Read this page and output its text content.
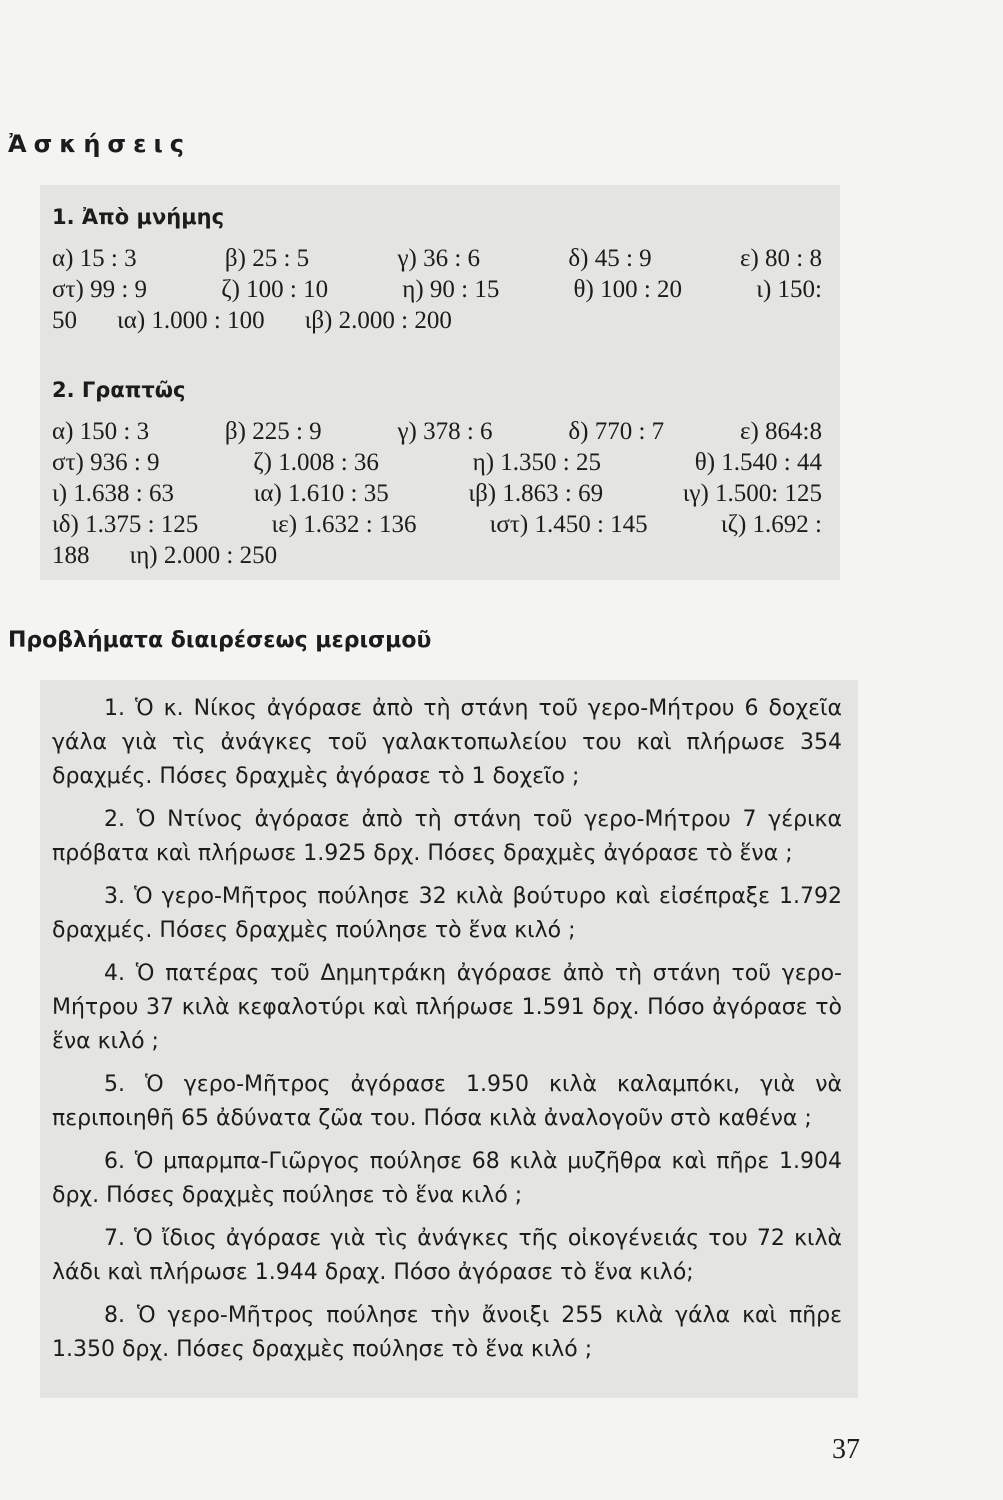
Ἀσκήσεις
1. Ἀπὸ μνήμης
α) 15 : 3	β) 25 : 5	γ) 36 : 6	δ) 45 : 9	ε) 80 : 8
στ) 99 : 9	ζ) 100 : 10	η) 90 : 15	θ) 100 : 20	ι) 150:
50 ια) 1.000 : 100 ιβ) 2.000 : 200
2. Γραπτῶς
α) 150 : 3	β) 225 : 9	γ) 378 : 6	δ) 770 : 7	ε) 864:8
στ) 936 : 9	ζ) 1.008 : 36	η) 1.350 : 25	θ) 1.540 : 44
ι) 1.638 : 63	ια) 1.610 : 35	ιβ) 1.863 : 69	ιγ) 1.500: 125
ιδ) 1.375 : 125	ιε) 1.632 : 136	ιστ) 1.450 : 145	ιζ) 1.692 :
188 ιη) 2.000 : 250
Προβλήματα διαιρέσεως μερισμοῦ
1. Ὁ κ. Νίκος ἀγόρασε ἀπὸ τὴ στάνη τοῦ γερο-Μήτρου 6 δοχεῖα γάλα γιὰ τὶς ἀνάγκες τοῦ γαλακτοπωλείου του καὶ πλήρωσε 354 δραχμές. Πόσες δραχμὲς ἀγόρασε τὸ 1 δοχεῖο ;
2. Ὁ Ντίνος ἀγόρασε ἀπὸ τὴ στάνη τοῦ γερο-Μήτρου 7 γέρικα πρόβατα καὶ πλήρωσε 1.925 δρχ. Πόσες δραχμὲς ἀγόρασε τὸ ἕνα ;
3. Ὁ γερο-Μῆτρος πούλησε 32 κιλὰ βούτυρο καὶ εἰσέπραξε 1.792 δραχμές. Πόσες δραχμὲς πούλησε τὸ ἕνα κιλό ;
4. Ὁ πατέρας τοῦ Δημητράκη ἀγόρασε ἀπὸ τὴ στάνη τοῦ γερο-Μήτρου 37 κιλὰ κεφαλοτύρι καὶ πλήρωσε 1.591 δρχ. Πόσο ἀγόρασε τὸ ἕνα κιλό ;
5. Ὁ γερο-Μῆτρος ἀγόρασε 1.950 κιλὰ καλαμπόκι, γιὰ νὰ περιποιηθῆ 65 ἀδύνατα ζῶα του. Πόσα κιλὰ ἀναλογοῦν στὸ καθένα ;
6. Ὁ μπαρμπα-Γιῶργος πούλησε 68 κιλὰ μυζῆθρα καὶ πῆρε 1.904 δρχ. Πόσες δραχμὲς πούλησε τὸ ἕνα κιλό ;
7. Ὁ ἴδιος ἀγόρασε γιὰ τὶς ἀνάγκες τῆς οἰκογένειάς του 72 κιλὰ λάδι καὶ πλήρωσε 1.944 δραχ. Πόσο ἀγόρασε τὸ ἕνα κιλό;
8. Ὁ γερο-Μῆτρος πούλησε τὴν ἄνοιξι 255 κιλὰ γάλα καὶ πῆρε 1.350 δρχ. Πόσες δραχμὲς πούλησε τὸ ἕνα κιλό ;
37
